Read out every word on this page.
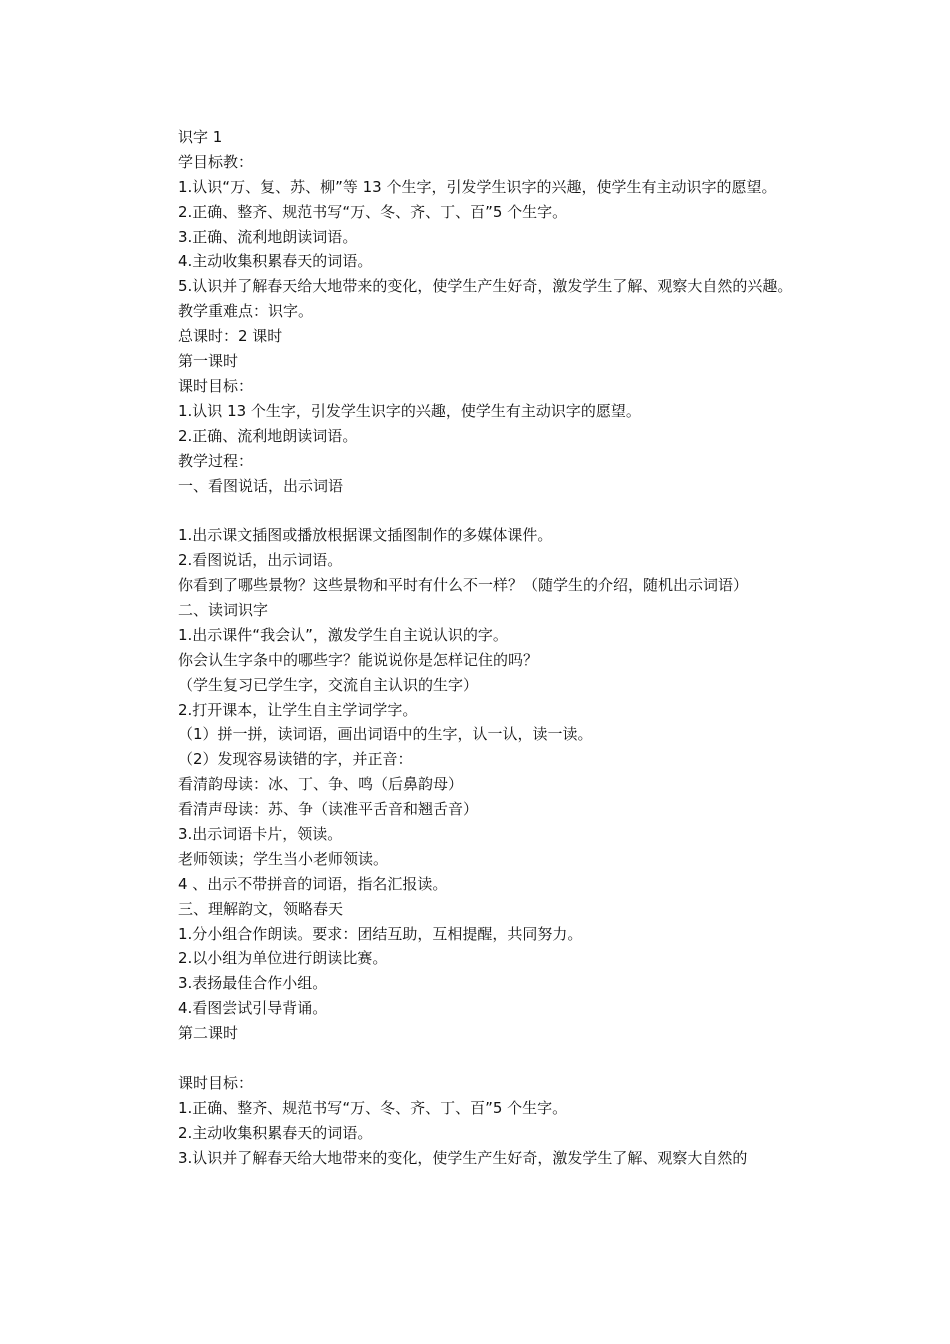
识字 1
学目标教：
1.认识“万、复、苏、柳”等 13 个生字，引发学生识字的兴趣，使学生有主动识字的愿望。
2.正确、整齐、规范书写“万、冬、齐、丁、百”5 个生字。
3.正确、流利地朗读词语。
4.主动收集积累春天的词语。
5.认识并了解春天给大地带来的变化，使学生产生好奇，激发学生了解、观察大自然的兴趣。
教学重难点：识字。
总课时：2 课时
第一课时
课时目标：
1.认识 13 个生字，引发学生识字的兴趣，使学生有主动识字的愿望。
2.正确、流利地朗读词语。
教学过程：
一、看图说话，出示词语
1.出示课文插图或播放根据课文插图制作的多媒体课件。
2.看图说话，出示词语。
你看到了哪些景物？这些景物和平时有什么不一样？（随学生的介绍，随机出示词语）
二、读词识字
1.出示课件“我会认”，激发学生自主说认识的字。
你会认生字条中的哪些字？能说说你是怎样记住的吗？
（学生复习已学生字，交流自主认识的生字）
2.打开课本，让学生自主学词学字。
（1）拼一拼，读词语，画出词语中的生字，认一认，读一读。
（2）发现容易读错的字，并正音：
看清韵母读：冰、丁、争、鸣（后鼻韵母）
看清声母读：苏、争（读准平舌音和翘舌音）
3.出示词语卡片，领读。
老师领读；学生当小老师领读。
4 、出示不带拼音的词语，指名汇报读。
三、理解韵文，领略春天
1.分小组合作朗读。要求：团结互助，互相提醒，共同努力。
2.以小组为单位进行朗读比赛。
3.表扬最佳合作小组。
4.看图尝试引导背诵。
第二课时
课时目标：
1.正确、整齐、规范书写“万、冬、齐、丁、百”5 个生字。
2.主动收集积累春天的词语。
3.认识并了解春天给大地带来的变化，使学生产生好奇，激发学生了解、观察大自然的
